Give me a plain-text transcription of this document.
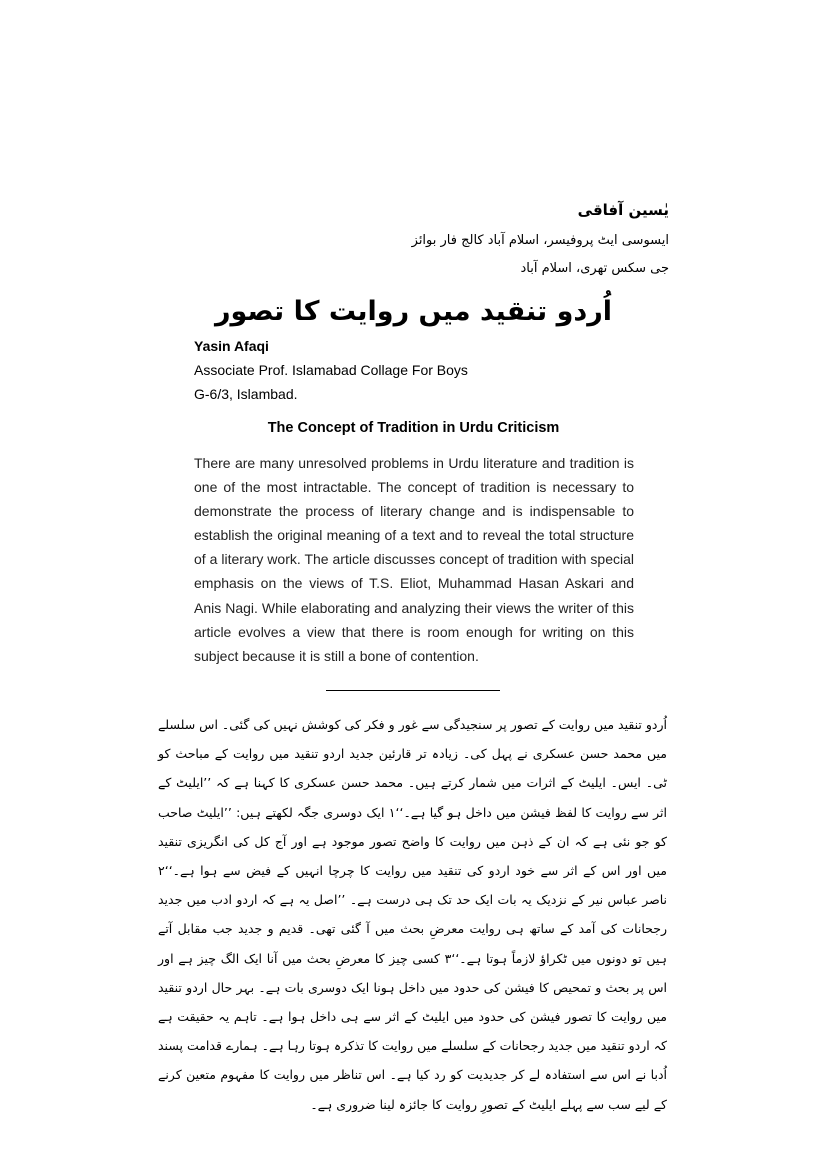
یٰسین آفاقی
ایسوسی ایٹ پروفیسر، اسلام آباد کالج فار بوائز
جی سکس تھری، اسلام آباد
اُردو تنقید میں روایت کا تصور
Yasin Afaqi
Associate Prof. Islamabad Collage For Boys
G-6/3, Islambad.
The Concept of Tradition in Urdu Criticism
There are many unresolved problems in Urdu literature and tradition is one of the most intractable. The concept of tradition is necessary to demonstrate the process of literary change and is indispensable to establish the original meaning of a text and to reveal the total structure of a literary work. The article discusses concept of tradition with special emphasis on the views of T.S. Eliot, Muhammad Hasan Askari and Anis Nagi. While elaborating and analyzing their views the writer of this article evolves a view that there is room enough for writing on this subject because it is still a bone of contention.

اُردو تنقید میں روایت کے تصور پر سنجیدگی سے غور و فکر کی کوشش نہیں کی گئی۔ اس سلسلے میں محمد حسن عسکری نے پہل کی۔ زیادہ تر قارئین جدید اردو تنقید میں روایت کے مباحث کو ٹی۔ ایس۔ ایلیٹ کے اثرات میں شمار کرتے ہیں۔ محمد حسن عسکری کا کہنا ہے کہ ’’ایلیٹ کے اثر سے روایت کا لفظ فیشن میں داخل ہو گیا ہے۔‘‘۱ ایک دوسری جگہ لکھتے ہیں: ’’ایلیٹ صاحب کو جو نئی ہے کہ ان کے ذہن میں روایت کا واضح تصور موجود ہے اور آج کل کی انگریزی تنقید میں اور اس کے اثر سے خود اردو کی تنقید میں روایت کا چرچا انہیں کے فیض سے ہوا ہے۔‘‘۲ ناصر عباس نیر کے نزدیک یہ بات ایک حد تک ہی درست ہے۔ ’’اصل یہ ہے کہ اردو ادب میں جدید رجحانات کی آمد کے ساتھ ہی روایت معرضِ بحث میں آ گئی تھی۔ قدیم و جدید جب مقابل آتے ہیں تو دونوں میں ٹکراؤ لازماً ہوتا ہے۔‘‘۳ کسی چیز کا معرضِ بحث میں آنا ایک الگ چیز ہے اور اس پر بحث و تمحیص کا فیشن کی حدود میں داخل ہونا ایک دوسری بات ہے۔ بہر حال اردو تنقید میں روایت کا تصور فیشن کی حدود میں ایلیٹ کے اثر سے ہی داخل ہوا ہے۔ تاہم یہ حقیقت ہے کہ اردو تنقید میں جدید رجحانات کے سلسلے میں روایت کا تذکرہ ہوتا رہا ہے۔ ہمارے قدامت پسند اُدبا نے اس سے استفادہ لے کر جدیدیت کو رد کیا ہے۔ اس تناظر میں روایت کا مفہوم متعین کرنے کے لیے سب سے پہلے ایلیٹ کے تصورِ روایت کا جائزہ لینا ضروری ہے۔
